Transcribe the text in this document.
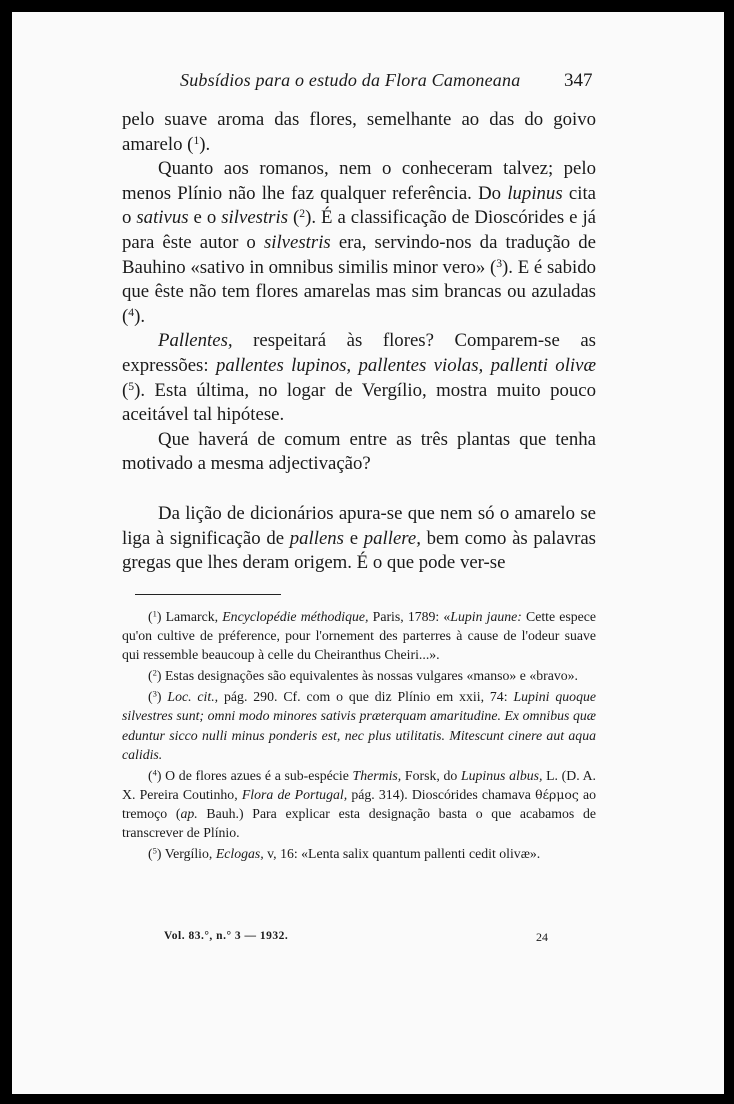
Subsídios para o estudo da Flora Camoneana 347

pelo suave aroma das flores, semelhante ao das do goivo amarelo ($^1$).

Quanto aos romanos, nem o conheceram talvez; pelo menos Plínio não lhe faz qualquer referência. Do lupinus cita o sativus e o silvestris ($^2$). É a classificação de Dioscórides e já para êste autor o silvestris era, servindo-nos da tradução de Bauhino «sativo in omnibus similis minor vero» ($^3$). E é sabido que êste não tem flores amarelas mas sim brancas ou azuladas ($^4$).

Pallentes, respeitará às flores? Comparem-se as expressões: pallentes lupinos, pallentes violas, pallenti olivæ ($^5$). Esta última, no logar de Vergílio, mostra muito pouco aceitável tal hipótese.

Que haverá de comum entre as três plantas que tenha motivado a mesma adjectivação?

Da lição de dicionários apura-se que nem só o amarelo se liga à significação de pallens e pallere, bem como às palavras gregas que lhes deram origem. É o que pode ver-se

($^1$) Lamarck, Encyclopédie méthodique, Paris, 1789: «Lupin jaune: Cette espece qu'on cultive de préference, pour l'ornement des parterres à cause de l'odeur suave qui ressemble beaucoup à celle du Cheiranthus Cheiri...».

($^2$) Estas designações são equivalentes às nossas vulgares «manso» e «bravo».

($^3$) Loc. cit., pág. 290. Cf. com o que diz Plínio em xxii, 74: Lupini quoque silvestres sunt; omni modo minores sativis præterquam amaritudine. Ex omnibus quæ eduntur sicco nulli minus ponderis est, nec plus utilitatis. Mitescunt cinere aut aqua calidis.

($^4$) O de flores azues é a sub-espécie Thermis, Forsk, do Lupinus albus, L. (D. A. X. Pereira Coutinho, Flora de Portugal, pág. 314). Dioscórides chamava θέρμος ao tremoço (ap. Bauh.) Para explicar esta designação basta o que acabamos de transcrever de Plínio.

($^5$) Vergílio, Eclogas, v, 16: «Lenta salix quantum pallenti cedit olivæ».

Vol. 83.°, n.° 3 — 1932.	24
